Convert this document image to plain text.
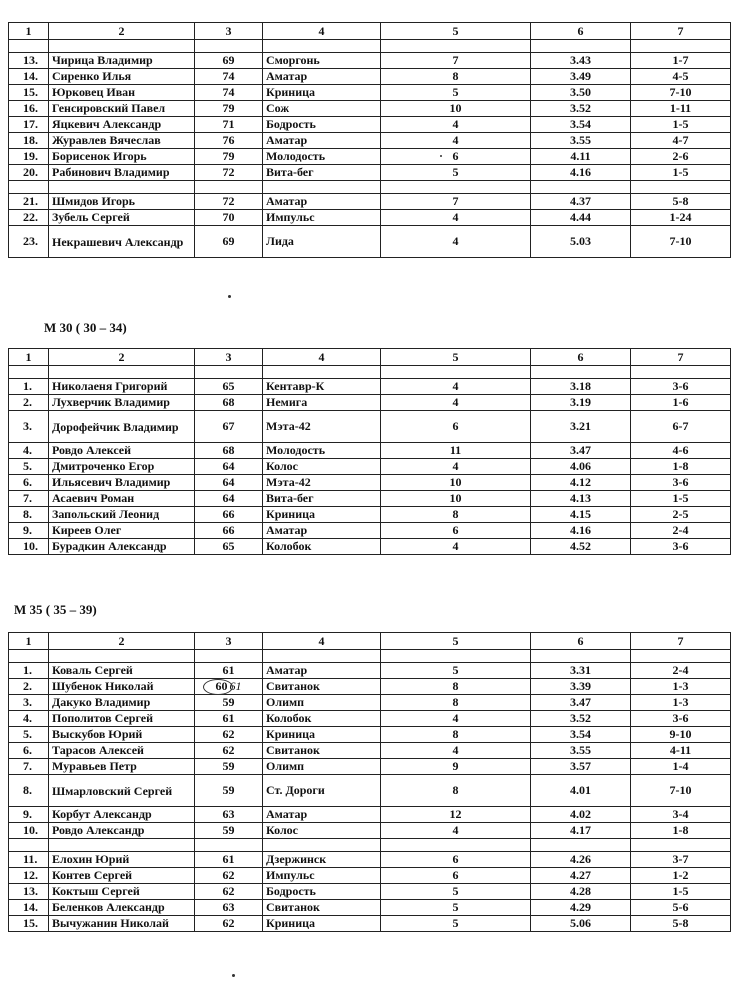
1	2	3	4	5	6	7

13.	Чирица Владимир	69	Сморгонь	7	3.43	1-7
14.	Сиренко Илья	74	Аматар	8	3.49	4-5
15.	Юрковец Иван	74	Криница	5	3.50	7-10
16.	Генсировский Павел	79	Сож	10	3.52	1-11
17.	Яцкевич Александр	71	Бодрость	4	3.54	1-5
18.	Журавлев Вячеслав	76	Аматар	4	3.55	4-7
19.	Борисенок Игорь	79	Молодость	6	4.11	2-6
20.	Рабинович Владимир	72	Вита-бег	5	4.16	1-5

21.	Шмидов Игорь	72	Аматар	7	4.37	5-8
22.	Зубель Сергей	70	Импульс	4	4.44	1-24
23.	Некрашевич Александр	69	Лида	4	5.03	7-10
М 30 ( 30 – 34)
1	2	3	4	5	6	7

1.	Николаеня Григорий	65	Кентавр-К	4	3.18	3-6
2.	Лухверчик Владимир	68	Немига	4	3.19	1-6
3.	Дорофейчик Владимир	67	Мэта-42	6	3.21	6-7
4.	Ровдо Алексей	68	Молодость	11	3.47	4-6
5.	Дмитроченко Егор	64	Колос	4	4.06	1-8
6.	Ильясевич Владимир	64	Мэта-42	10	4.12	3-6
7.	Асаевич Роман	64	Вита-бег	10	4.13	1-5
8.	Запольский Леонид	66	Криница	8	4.15	2-5
9.	Киреев Олег	66	Аматар	6	4.16	2-4
10.	Бурадкин Александр	65	Колобок	4	4.52	3-6
М 35 ( 35 – 39)
1	2	3	4	5	6	7

1.	Коваль Сергей	61	Аматар	5	3.31	2-4
2.	Шубенок Николай	60 61	Свитанок	8	3.39	1-3
3.	Дакуко Владимир	59	Олимп	8	3.47	1-3
4.	Пополитов Сергей	61	Колобок	4	3.52	3-6
5.	Выскубов Юрий	62	Криница	8	3.54	9-10
6.	Тарасов Алексей	62	Свитанок	4	3.55	4-11
7.	Муравьев Петр	59	Олимп	9	3.57	1-4
8.	Шмарловский Сергей	59	Ст. Дороги	8	4.01	7-10
9.	Корбут Александр	63	Аматар	12	4.02	3-4
10.	Ровдо Александр	59	Колос	4	4.17	1-8

11.	Елохин Юрий	61	Дзержинск	6	4.26	3-7
12.	Контев Сергей	62	Импульс	6	4.27	1-2
13.	Коктыш Сергей	62	Бодрость	5	4.28	1-5
14.	Беленков Александр	63	Свитанок	5	4.29	5-6
15.	Вычужанин Николай	62	Криница	5	5.06	5-8
